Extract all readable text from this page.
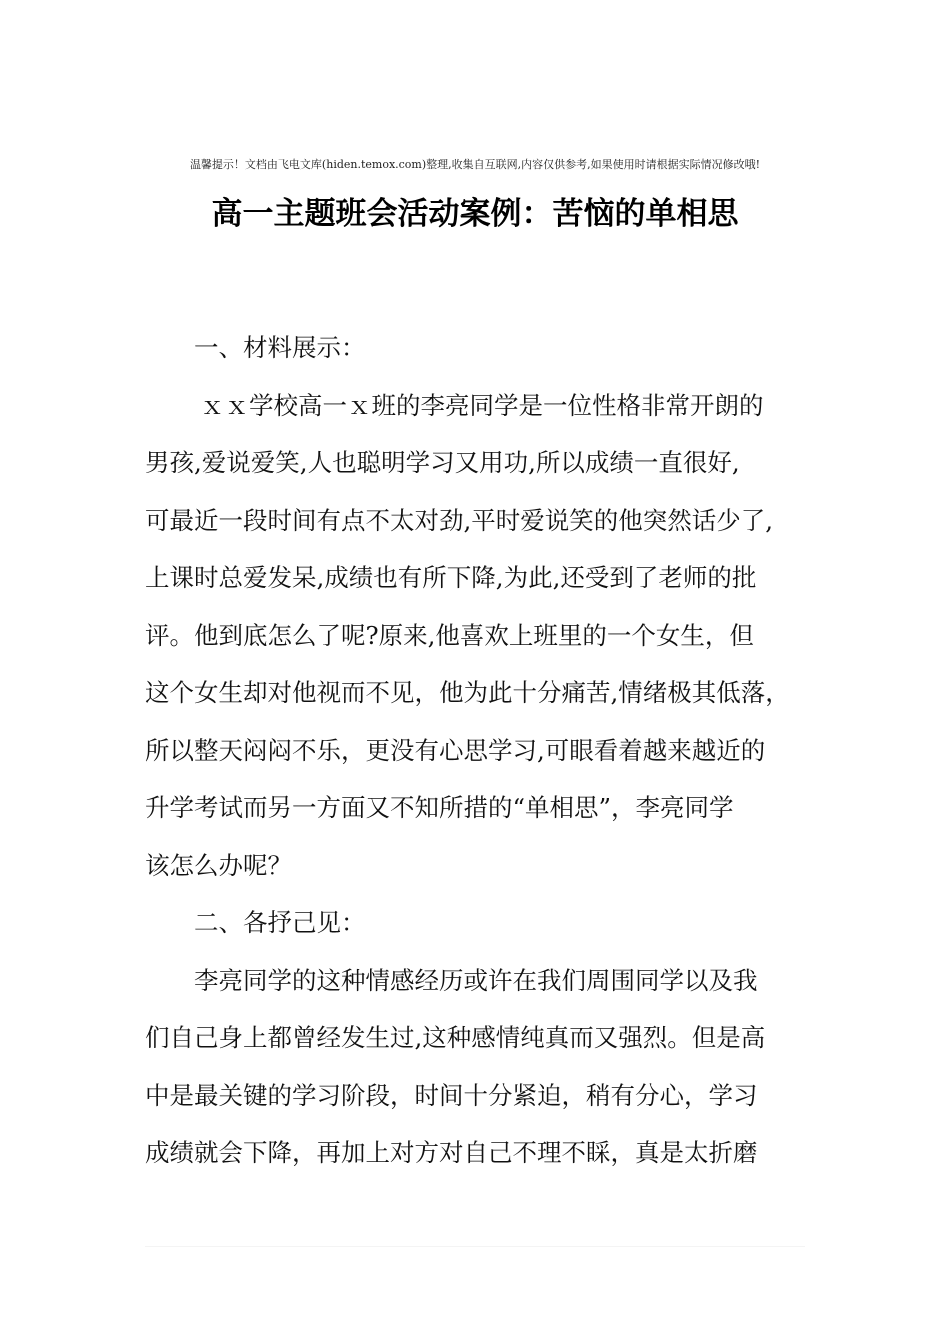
温馨提示！文档由飞电文库(hiden.temox.com)整理,收集自互联网,内容仅供参考,如果使用时请根据实际情况修改哦!
高一主题班会活动案例：苦恼的单相思
一、材料展示：
ｘｘ学校高一ｘ班的李亮同学是一位性格非常开朗的
男孩,爱说爱笑,人也聪明学习又用功,所以成绩一直很好,
可最近一段时间有点不太对劲,平时爱说笑的他突然话少了,
上课时总爱发呆,成绩也有所下降,为此,还受到了老师的批
评。他到底怎么了呢?原来,他喜欢上班里的一个女生，但
这个女生却对他视而不见，他为此十分痛苦,情绪极其低落，
所以整天闷闷不乐，更没有心思学习,可眼看着越来越近的
升学考试而另一方面又不知所措的“单相思”，李亮同学
该怎么办呢？
二、各抒己见：
李亮同学的这种情感经历或许在我们周围同学以及我
们自己身上都曾经发生过,这种感情纯真而又强烈。但是高
中是最关键的学习阶段，时间十分紧迫，稍有分心，学习
成绩就会下降，再加上对方对自己不理不睬，真是太折磨
